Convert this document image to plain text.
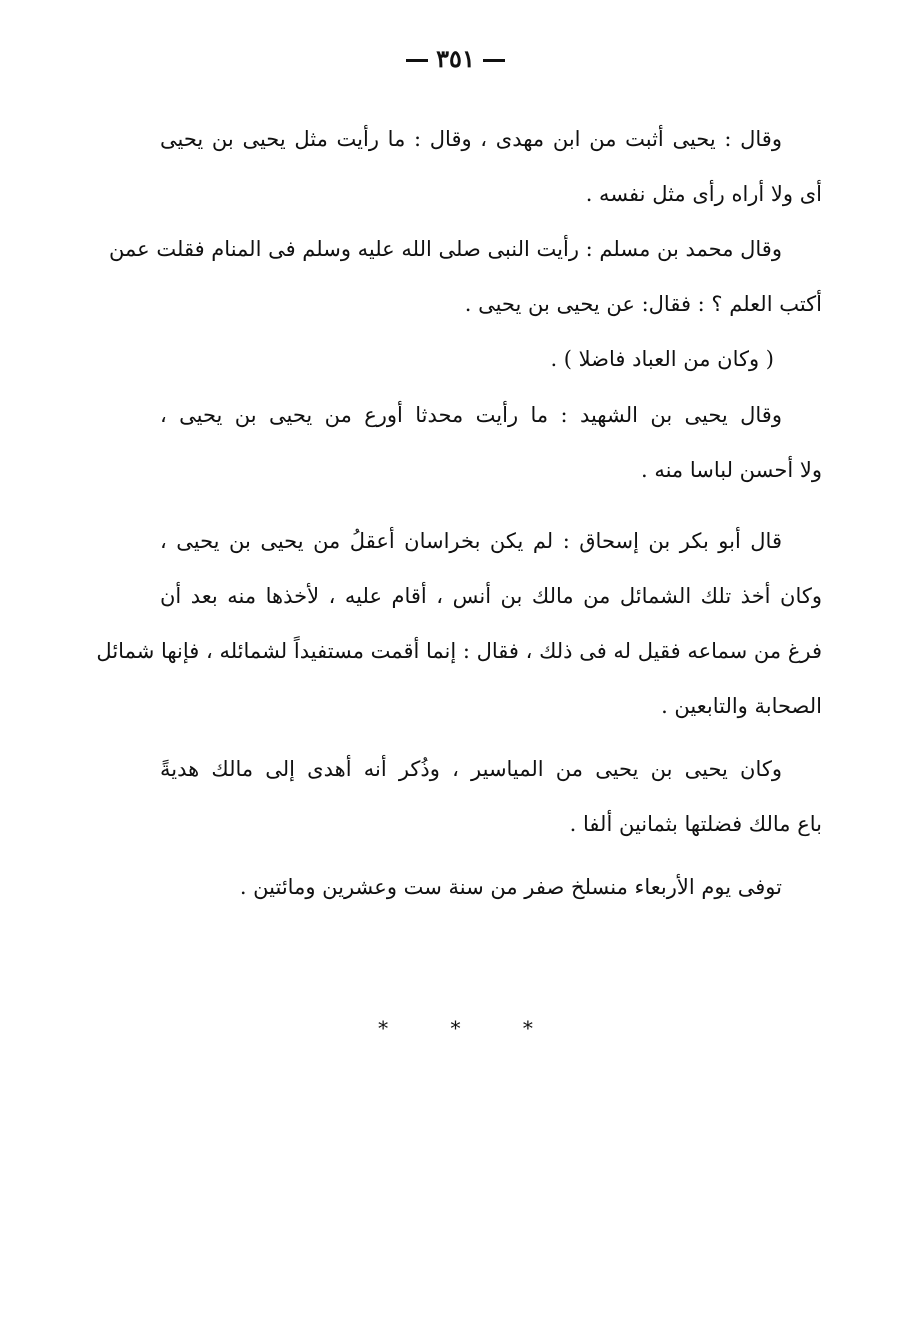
٣٥١
وقال : يحيى أثبت من ابن مهدى ، وقال : ما رأيت مثل يحيى بن يحيى
أى ولا أراه رأى مثل نفسه .
وقال محمد بن مسلم : رأيت النبى صلى الله عليه وسلم فى المنام فقلت عمن
أكتب العلم ؟ : فقال: عن يحيى بن يحيى .
( وكان من العباد فاضلا ) .
وقال يحيى بن الشهيد : ما رأيت محدثا أورع من يحيى بن يحيى ،
ولا أحسن لباسا منه .
قال أبو بكر بن إسحاق : لم يكن بخراسان أعقلُ من يحيى بن يحيى ،
وكان أخذ تلك الشمائل من مالك بن أنس ، أقام عليه ، لأخذها منه بعد أن
فرغ من سماعه فقيل له فى ذلك ، فقال : إنما أقمت مستفيداً لشمائله ، فإنها شمائل
الصحابة والتابعين .
وكان يحيى بن يحيى من المياسير ، وذُكر أنه أهدى إلى مالك هديةً
باع مالك فضلتها بثمانين ألفا .
توفى يوم الأربعاء منسلخ صفر من سنة ست وعشرين ومائتين .
* * *
